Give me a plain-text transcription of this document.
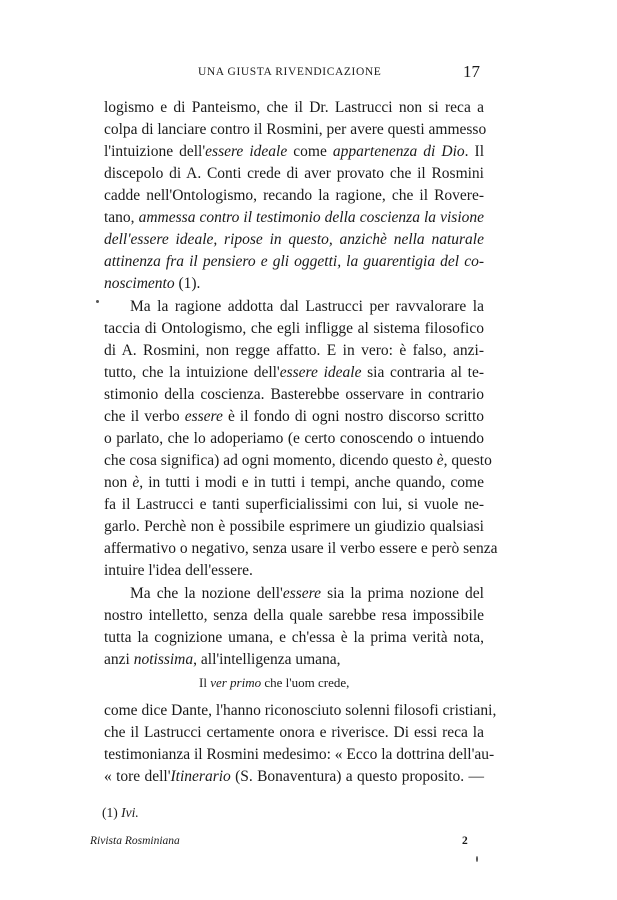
UNA GIUSTA RIVENDICAZIONE	17
logismo e di Panteismo, che il Dr. Lastrucci non si reca a
colpa di lanciare contro il Rosmini, per avere questi ammesso
l'intuizione dell'essere ideale come appartenenza di Dio. Il
discepolo di A. Conti crede di aver provato che il Rosmini
cadde nell'Ontologismo, recando la ragione, che il Rovere-
tano, ammessa contro il testimonio della coscienza la visione
dell'essere ideale, ripose in questo, anzichè nella naturale
attinenza fra il pensiero e gli oggetti, la guarentigia del co-
noscimento (1).
Ma la ragione addotta dal Lastrucci per ravvalorare la
taccia di Ontologismo, che egli infligge al sistema filosofico
di A. Rosmini, non regge affatto. E in vero: è falso, anzi-
tutto, che la intuizione dell'essere ideale sia contraria al te-
stimonio della coscienza. Basterebbe osservare in contrario
che il verbo essere è il fondo di ogni nostro discorso scritto
o parlato, che lo adoperiamo (e certo conoscendo o intuendo
che cosa significa) ad ogni momento, dicendo questo è, questo
non è, in tutti i modi e in tutti i tempi, anche quando, come
fa il Lastrucci e tanti superficialissimi con lui, si vuole ne-
garlo. Perchè non è possibile esprimere un giudizio qualsiasi
affermativo o negativo, senza usare il verbo essere e però senza
intuire l'idea dell'essere.
Ma che la nozione dell'essere sia la prima nozione del
nostro intelletto, senza della quale sarebbe resa impossibile
tutta la cognizione umana, e ch'essa è la prima verità nota,
anzi notissima, all'intelligenza umana,
Il ver primo che l'uom crede,
come dice Dante, l'hanno riconosciuto solenni filosofi cristiani,
che il Lastrucci certamente onora e riverisce. Di essi reca la
testimonianza il Rosmini medesimo: « Ecco la dottrina dell'au-
« tore dell'Itinerario (S. Bonaventura) a questo proposito. —
(1) Ivi.
Rivista Rosminiana	2
